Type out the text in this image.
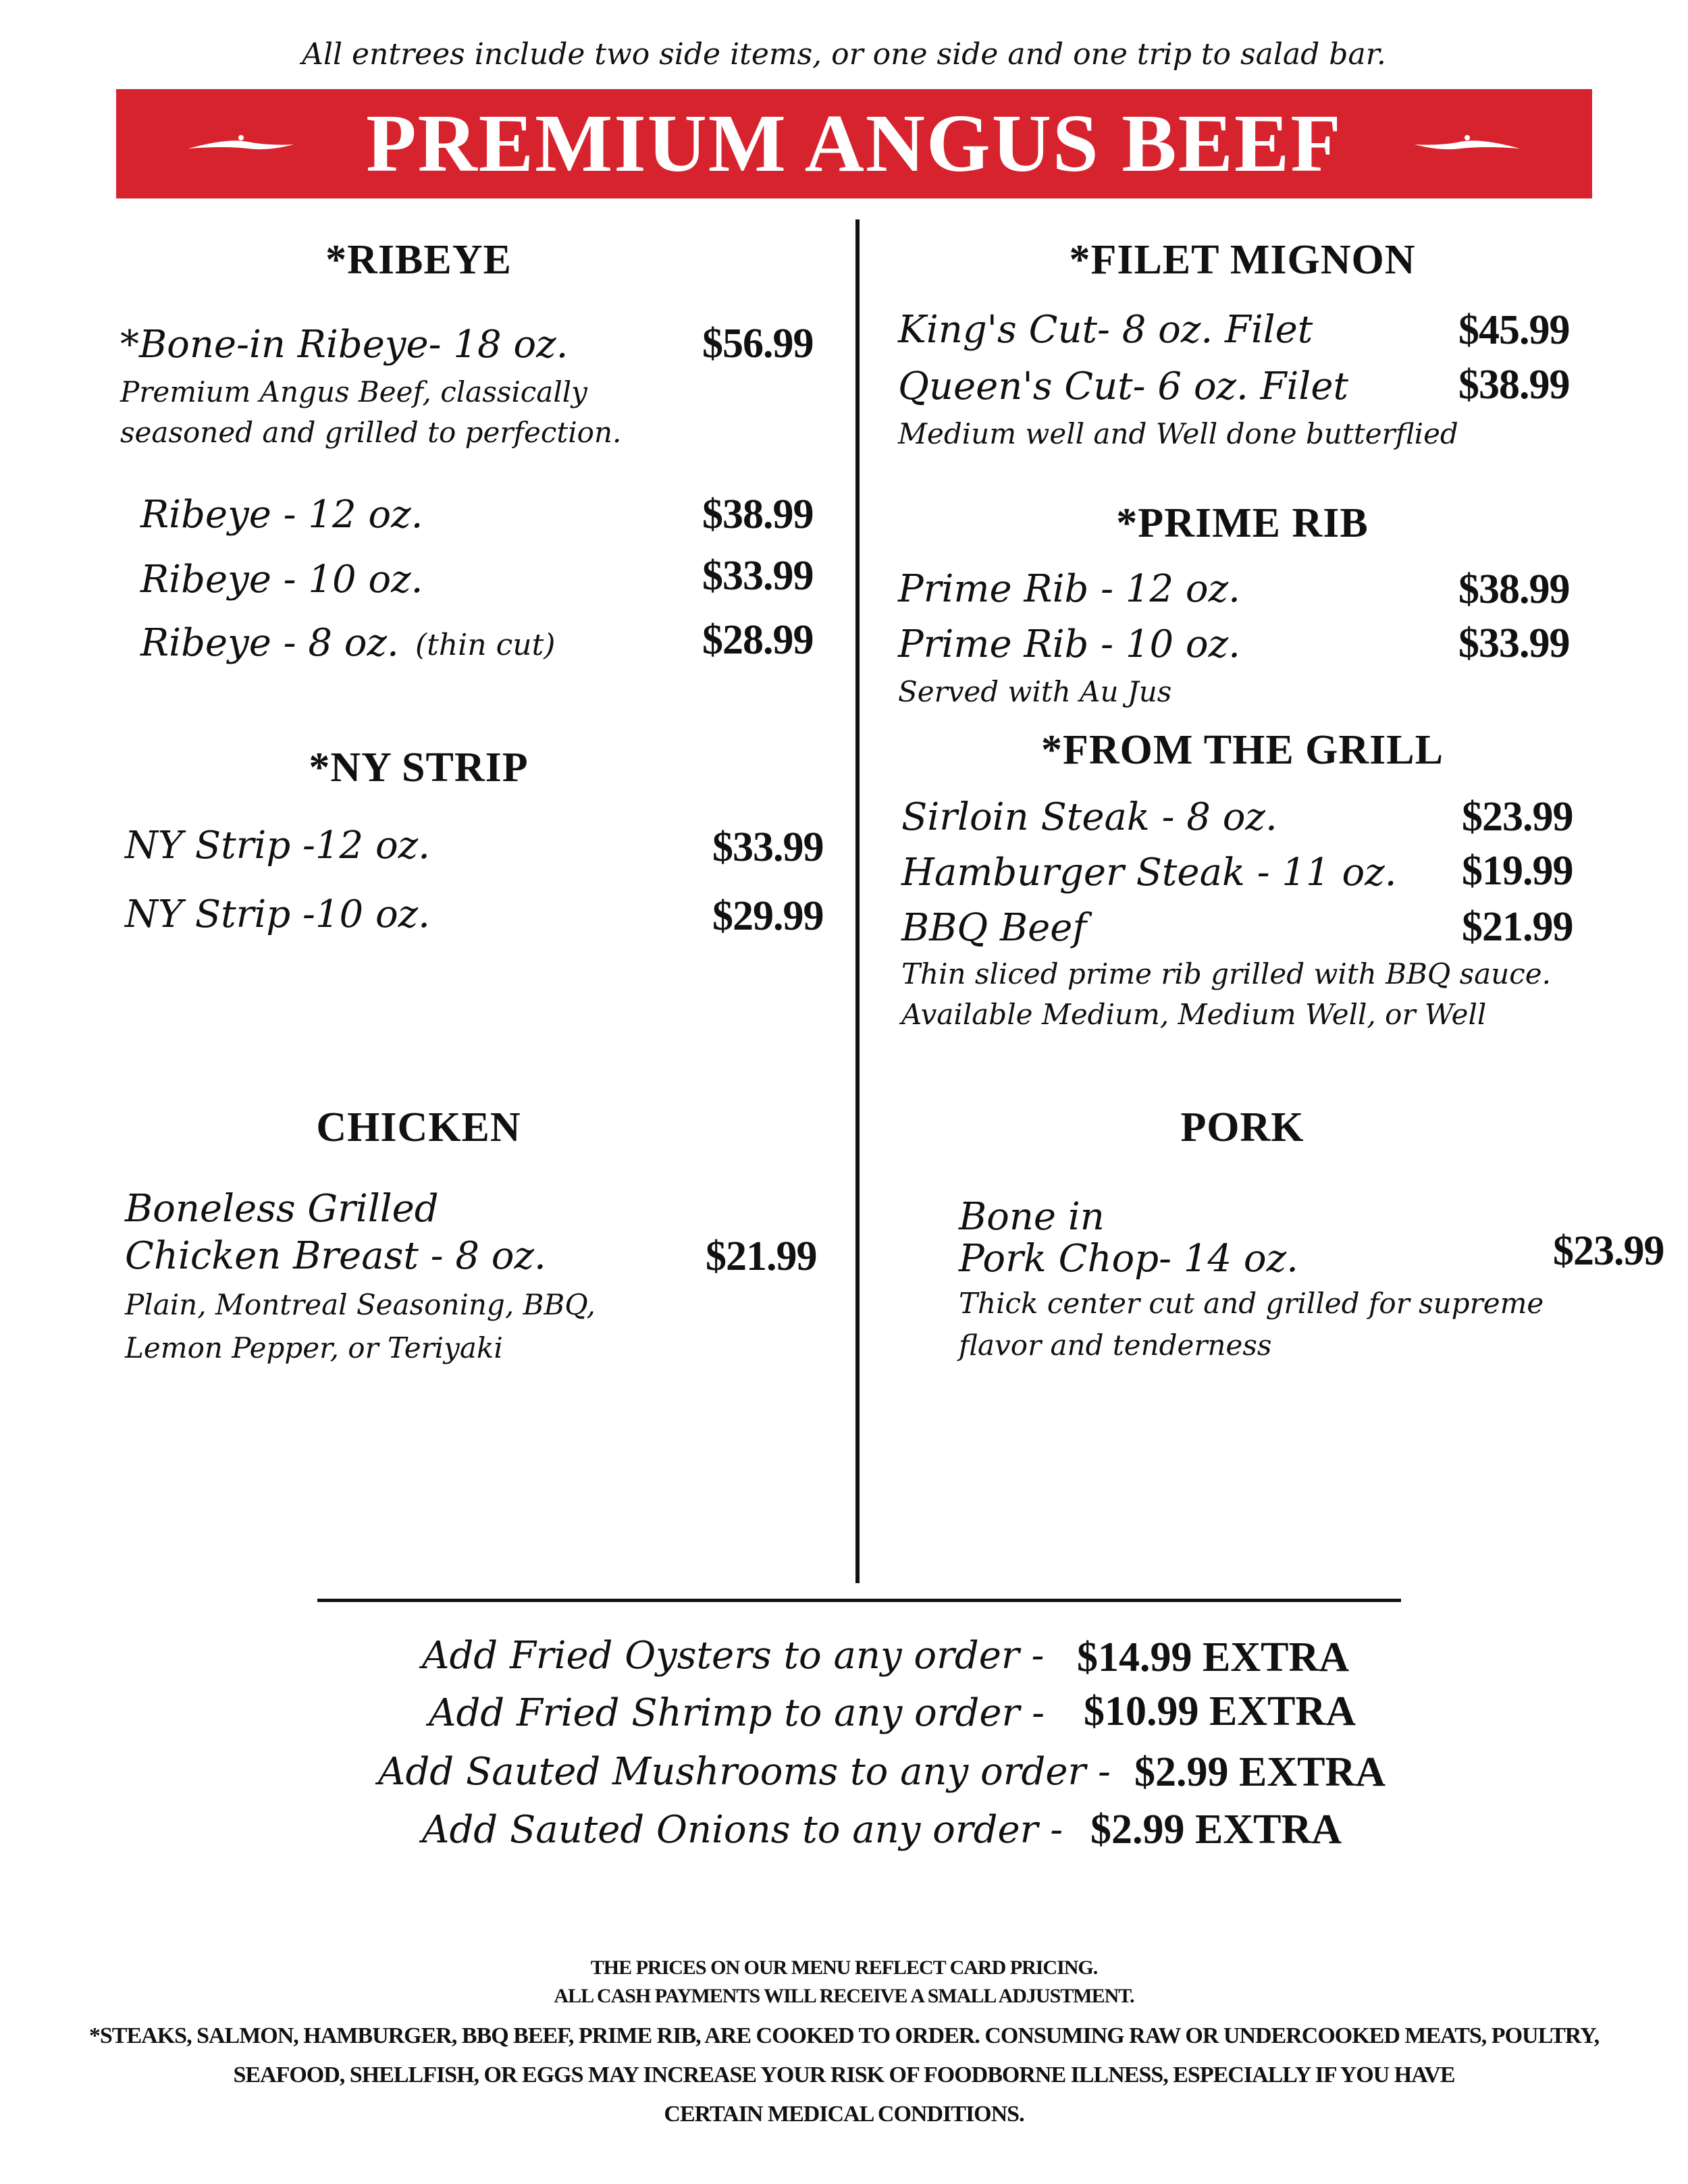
All entrees include two side items, or one side and one trip to salad bar.
PREMIUM ANGUS BEEF
*RIBEYE
*Bone-in Ribeye- 18 oz.	$56.99
Premium Angus Beef, classically
seasoned and grilled to perfection.
Ribeye - 12 oz.	$38.99
Ribeye - 10 oz.	$33.99
Ribeye - 8 oz. (thin cut)	$28.99
*NY STRIP
NY Strip -12 oz.	$33.99
NY Strip -10 oz.	$29.99
CHICKEN
Boneless Grilled
Chicken Breast - 8 oz.	$21.99
Plain, Montreal Seasoning, BBQ,
Lemon Pepper, or Teriyaki
*FILET MIGNON
King's Cut- 8 oz. Filet	$45.99
Queen's Cut- 6 oz. Filet	$38.99
Medium well and Well done butterflied
*PRIME RIB
Prime Rib - 12 oz.	$38.99
Prime Rib - 10 oz.	$33.99
Served with Au Jus
*FROM THE GRILL
Sirloin Steak - 8 oz.	$23.99
Hamburger Steak - 11 oz. $19.99
BBQ Beef	$21.99
Thin sliced prime rib grilled with BBQ sauce.
Available Medium, Medium Well, or Well
PORK
Bone in
Pork Chop- 14 oz.	$23.99
Thick center cut and grilled for supreme
flavor and tenderness
Add Fried Oysters to any order - $14.99 EXTRA
Add Fried Shrimp to any order - $10.99 EXTRA
Add Sauted Mushrooms to any order - $2.99 EXTRA
Add Sauted Onions to any order - $2.99 EXTRA
THE PRICES ON OUR MENU REFLECT CARD PRICING.
ALL CASH PAYMENTS WILL RECEIVE A SMALL ADJUSTMENT.
*STEAKS, SALMON, HAMBURGER, BBQ BEEF, PRIME RIB, ARE COOKED TO ORDER. CONSUMING RAW OR UNDERCOOKED MEATS, POULTRY,
SEAFOOD, SHELLFISH, OR EGGS MAY INCREASE YOUR RISK OF FOODBORNE ILLNESS, ESPECIALLY IF YOU HAVE
CERTAIN MEDICAL CONDITIONS.
